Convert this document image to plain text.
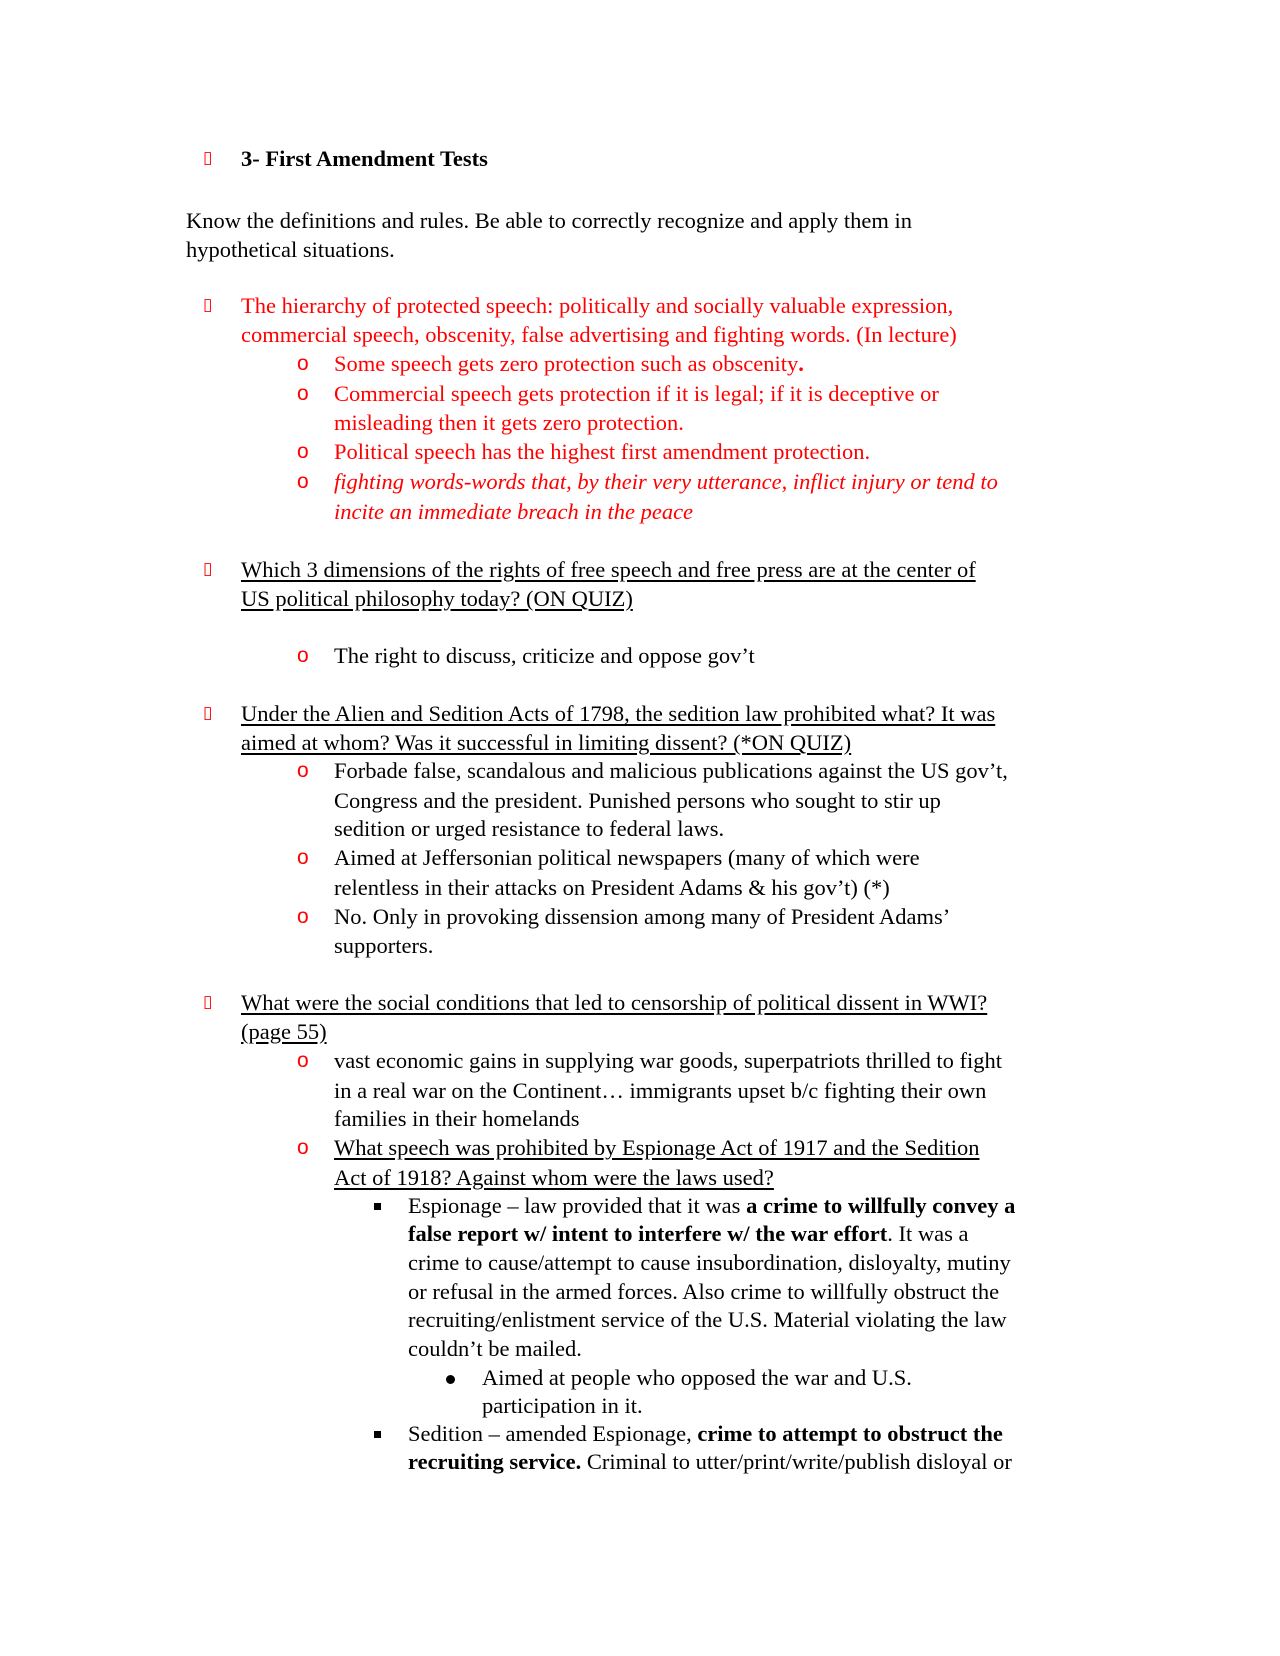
▯ 3- First Amendment Tests
Know the definitions and rules. Be able to correctly recognize and apply them in
hypothetical situations.
▯ The hierarchy of protected speech: politically and socially valuable expression,
commercial speech, obscenity, false advertising and fighting words. (In lecture)
o Some speech gets zero protection such as obscenity.
o Commercial speech gets protection if it is legal; if it is deceptive or
misleading then it gets zero protection.
o Political speech has the highest first amendment protection.
o fighting words-words that, by their very utterance, inflict injury or tend to
incite an immediate breach in the peace
▯ Which 3 dimensions of the rights of free speech and free press are at the center of
US political philosophy today? (ON QUIZ)
o The right to discuss, criticize and oppose gov’t
▯ Under the Alien and Sedition Acts of 1798, the sedition law prohibited what? It was
aimed at whom? Was it successful in limiting dissent? (*ON QUIZ)
o Forbade false, scandalous and malicious publications against the US gov’t,
Congress and the president. Punished persons who sought to stir up
sedition or urged resistance to federal laws.
o Aimed at Jeffersonian political newspapers (many of which were
relentless in their attacks on President Adams & his gov’t) (*)
o No. Only in provoking dissension among many of President Adams’
supporters.
▯ What were the social conditions that led to censorship of political dissent in WWI?
(page 55)
o vast economic gains in supplying war goods, superpatriots thrilled to fight
in a real war on the Continent… immigrants upset b/c fighting their own
families in their homelands
o What speech was prohibited by Espionage Act of 1917 and the Sedition
Act of 1918? Against whom were the laws used?
Espionage – law provided that it was a crime to willfully convey a
false report w/ intent to interfere w/ the war effort. It was a
crime to cause/attempt to cause insubordination, disloyalty, mutiny
or refusal in the armed forces. Also crime to willfully obstruct the
recruiting/enlistment service of the U.S. Material violating the law
couldn’t be mailed.
Aimed at people who opposed the war and U.S.
participation in it.
Sedition – amended Espionage, crime to attempt to obstruct the
recruiting service. Criminal to utter/print/write/publish disloyal or
